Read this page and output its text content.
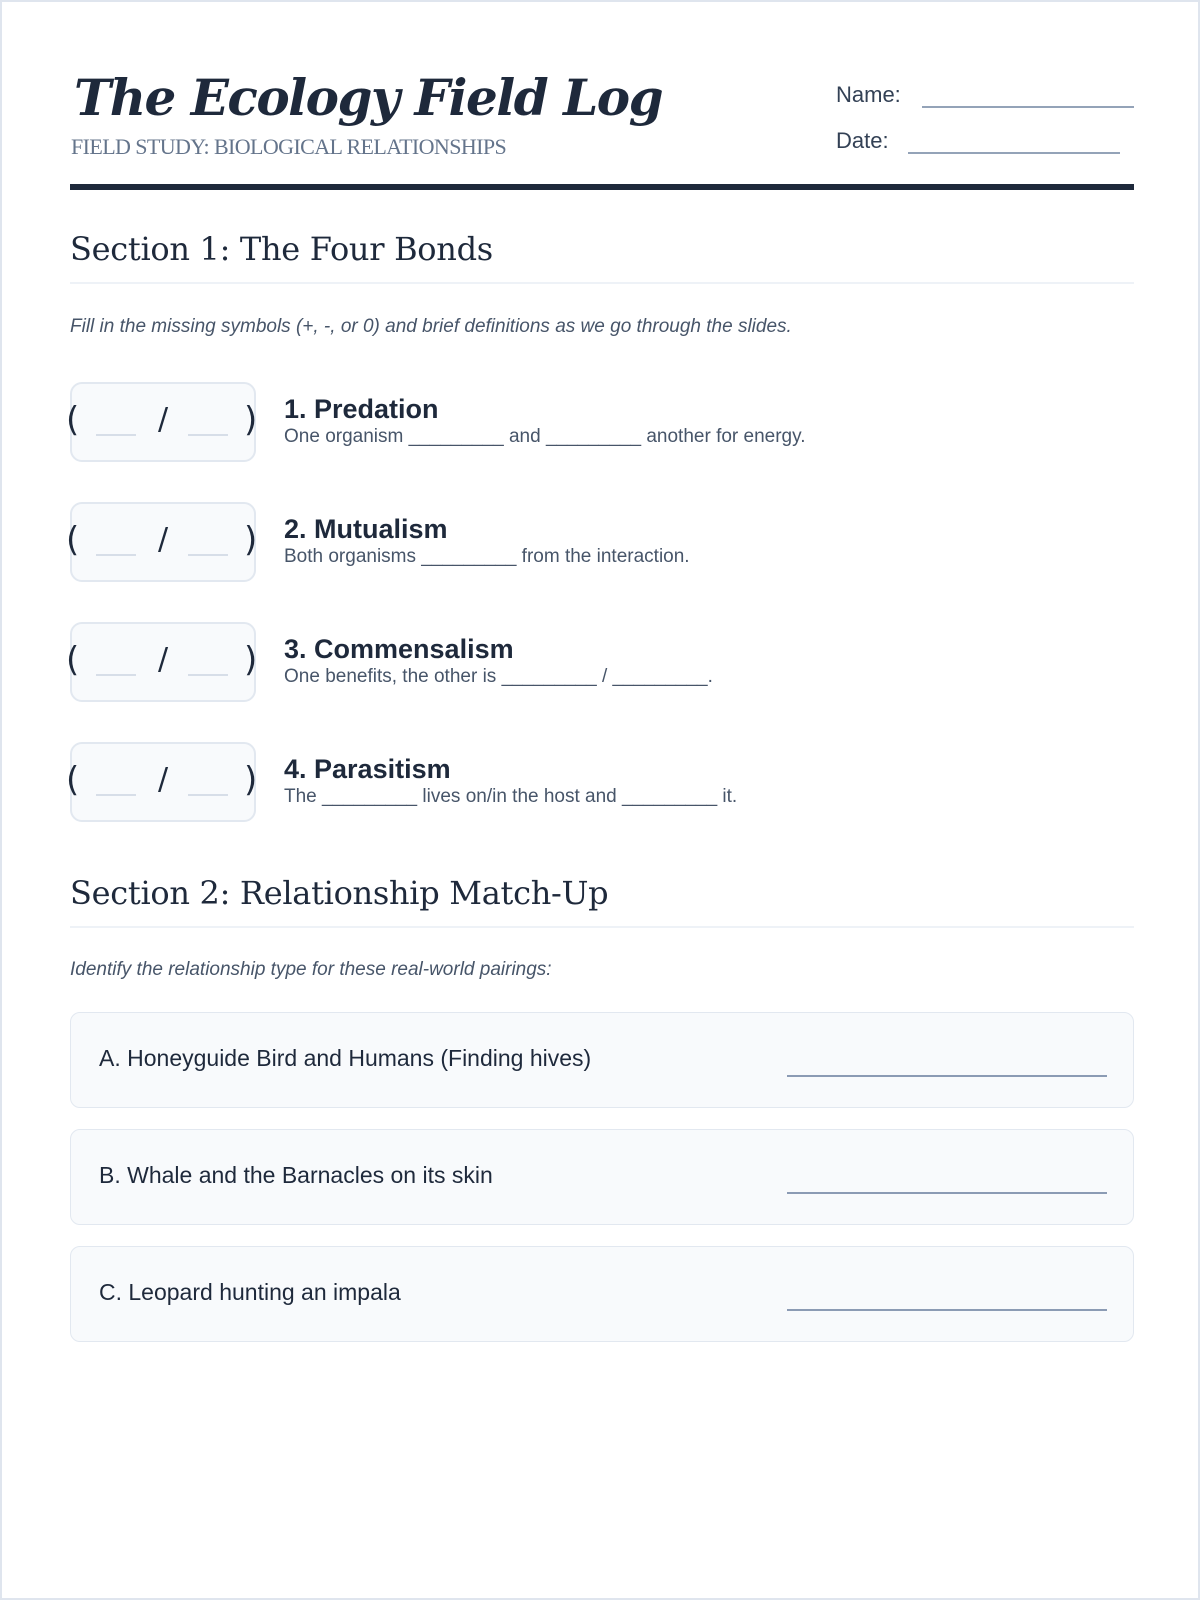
The Ecology Field Log
FIELD STUDY: BIOLOGICAL RELATIONSHIPS
Name:
Date:
Section 1: The Four Bonds
Fill in the missing symbols (+, -, or 0) and brief definitions as we go through the slides.
(	/ ) 1. Predation
One organism _________ and _________ another for energy.
(	/ ) 2. Mutualism
Both organisms _________ from the interaction.
(	/ ) 3. Commensalism
One benefits, the other is _________ / _________.
(	/ ) 4. Parasitism
The _________ lives on/in the host and _________ it.
Section 2: Relationship Match-Up
Identify the relationship type for these real-world pairings:
A. Honeyguide Bird and Humans (Finding hives)
B. Whale and the Barnacles on its skin
C. Leopard hunting an impala
